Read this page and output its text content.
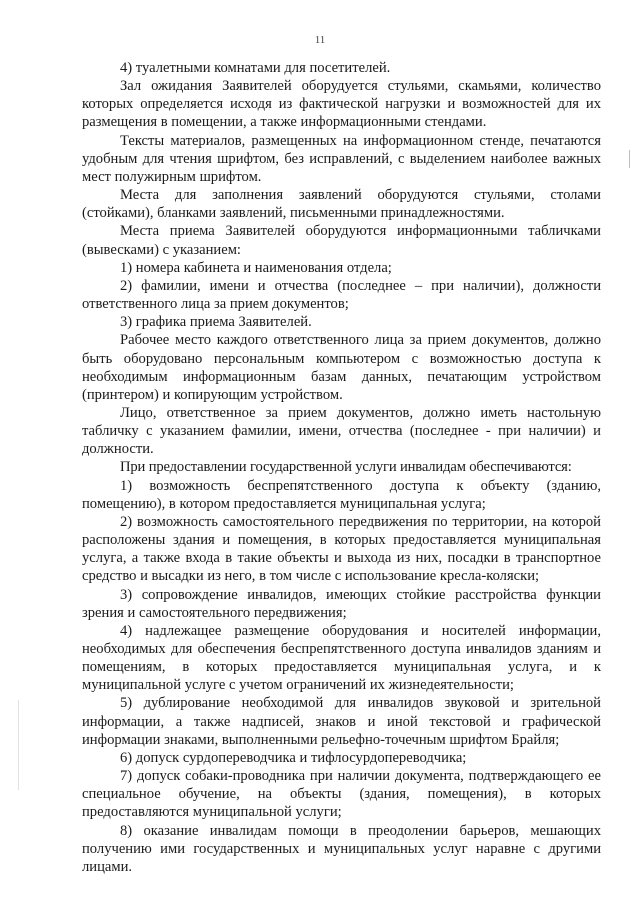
11

4) туалетными комнатами для посетителей.

Зал ожидания Заявителей оборудуется стульями, скамьями, количество которых определяется исходя из фактической нагрузки и возможностей для их размещения в помещении, а также информационными стендами.

Тексты материалов, размещенных на информационном стенде, печатаются удобным для чтения шрифтом, без исправлений, с выделением наиболее важных мест полужирным шрифтом.

Места для заполнения заявлений оборудуются стульями, столами (стойками), бланками заявлений, письменными принадлежностями.

Места приема Заявителей оборудуются информационными табличками (вывесками) с указанием:

1) номера кабинета и наименования отдела;

2) фамилии, имени и отчества (последнее – при наличии), должности ответственного лица за прием документов;

3) графика приема Заявителей.

Рабочее место каждого ответственного лица за прием документов, должно быть оборудовано персональным компьютером с возможностью доступа к необходимым информационным базам данных, печатающим устройством (принтером) и копирующим устройством.

Лицо, ответственное за прием документов, должно иметь настольную табличку с указанием фамилии, имени, отчества (последнее - при наличии) и должности.

При предоставлении государственной услуги инвалидам обеспечиваются:

1) возможность беспрепятственного доступа к объекту (зданию, помещению), в котором предоставляется муниципальная услуга;

2) возможность самостоятельного передвижения по территории, на которой расположены здания и помещения, в которых предоставляется муниципальная услуга, а также входа в такие объекты и выхода из них, посадки в транспортное средство и высадки из него, в том числе с использование кресла-коляски;

3) сопровождение инвалидов, имеющих стойкие расстройства функции зрения и самостоятельного передвижения;

4) надлежащее размещение оборудования и носителей информации, необходимых для обеспечения беспрепятственного доступа инвалидов зданиям и помещениям, в которых предоставляется муниципальная услуга, и к муниципальной услуге с учетом ограничений их жизнедеятельности;

5) дублирование необходимой для инвалидов звуковой и зрительной информации, а также надписей, знаков и иной текстовой и графической информации знаками, выполненными рельефно-точечным шрифтом Брайля;

6) допуск сурдопереводчика и тифлосурдопереводчика;

7) допуск собаки-проводника при наличии документа, подтверждающего ее специальное обучение, на объекты (здания, помещения), в которых предоставляются муниципальной услуги;

8) оказание инвалидам помощи в преодолении барьеров, мешающих получению ими государственных и муниципальных услуг наравне с другими лицами.
